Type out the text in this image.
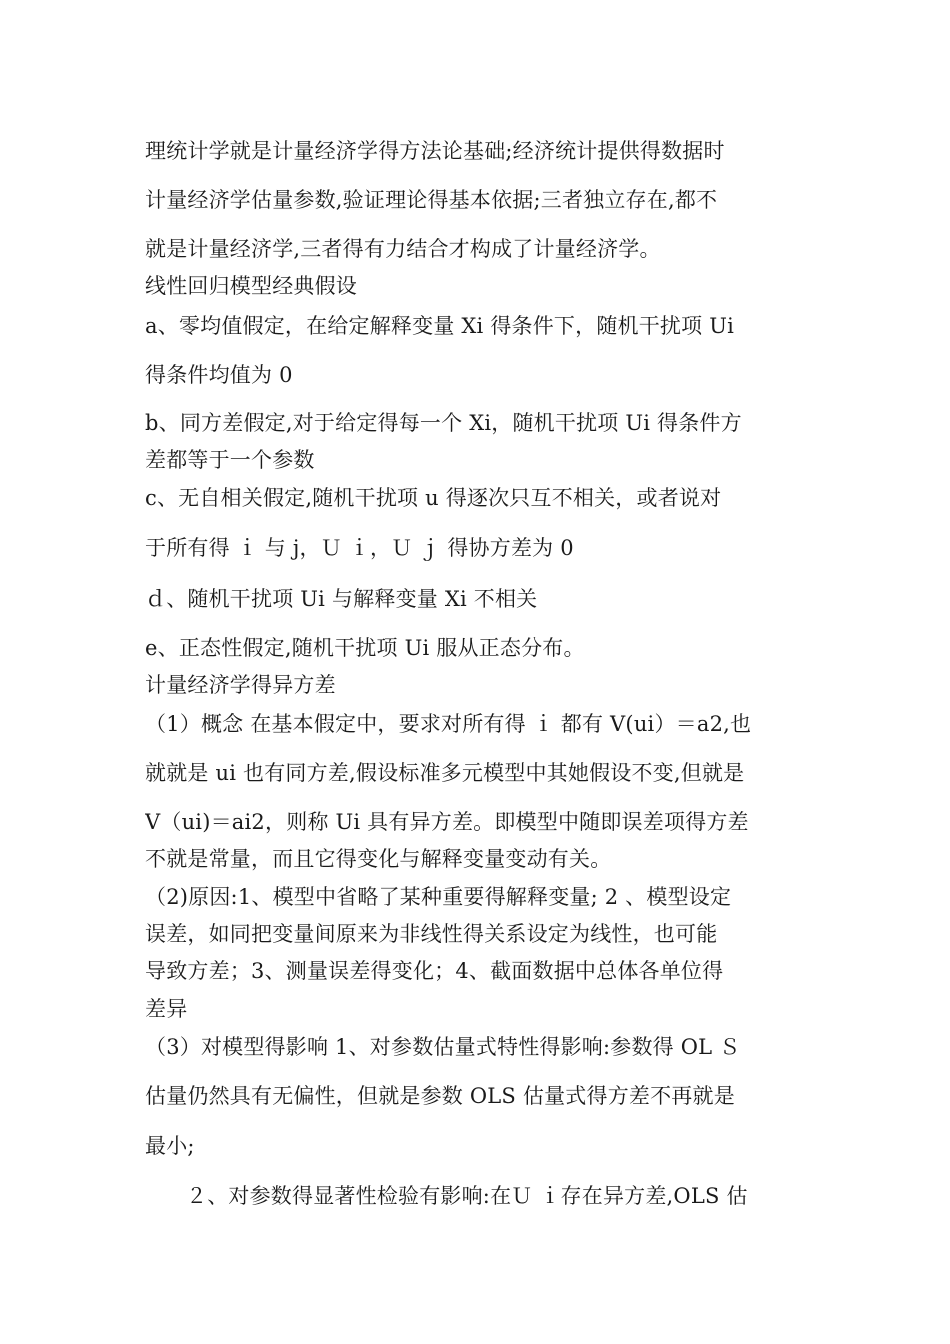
理统计学就是计量经济学得方法论基础;经济统计提供得数据时
计量经济学估量参数,验证理论得基本依据;三者独立存在,都不
就是计量经济学,三者得有力结合才构成了计量经济学。
线性回归模型经典假设
a、零均值假定，在给定解释变量 Xi 得条件下，随机干扰项 Ui
得条件均值为 0
b、同方差假定,对于给定得每一个 Xi，随机干扰项 Ui 得条件方
差都等于一个参数
c、无自相关假定,随机干扰项 u 得逐次只互不相关，或者说对
于所有得 ｉ 与 j，Ｕ ｉ，Ｕ ｊ 得协方差为 0
ｄ、随机干扰项 Ui 与解释变量 Xi 不相关
e、正态性假定,随机干扰项 Ui 服从正态分布。
计量经济学得异方差
（1）概念 在基本假定中，要求对所有得 ｉ 都有 V(ui）＝a2,也
就就是 ui 也有同方差,假设标准多元模型中其她假设不变,但就是
V（ui)＝ai2，则称 Ui 具有异方差。即模型中随即误差项得方差
不就是常量，而且它得变化与解释变量变动有关。
（2)原因:1、模型中省略了某种重要得解释变量; 2 、模型设定
误差，如同把变量间原来为非线性得关系设定为线性，也可能
导致方差；3、测量误差得变化；4、截面数据中总体各单位得
差异
（3）对模型得影响 1、对参数估量式特性得影响:参数得 OL Ｓ
估量仍然具有无偏性，但就是参数 OLS 估量式得方差不再就是
最小;
２、对参数得显著性检验有影响:在Ｕ ｉ存在异方差,OLS 估
